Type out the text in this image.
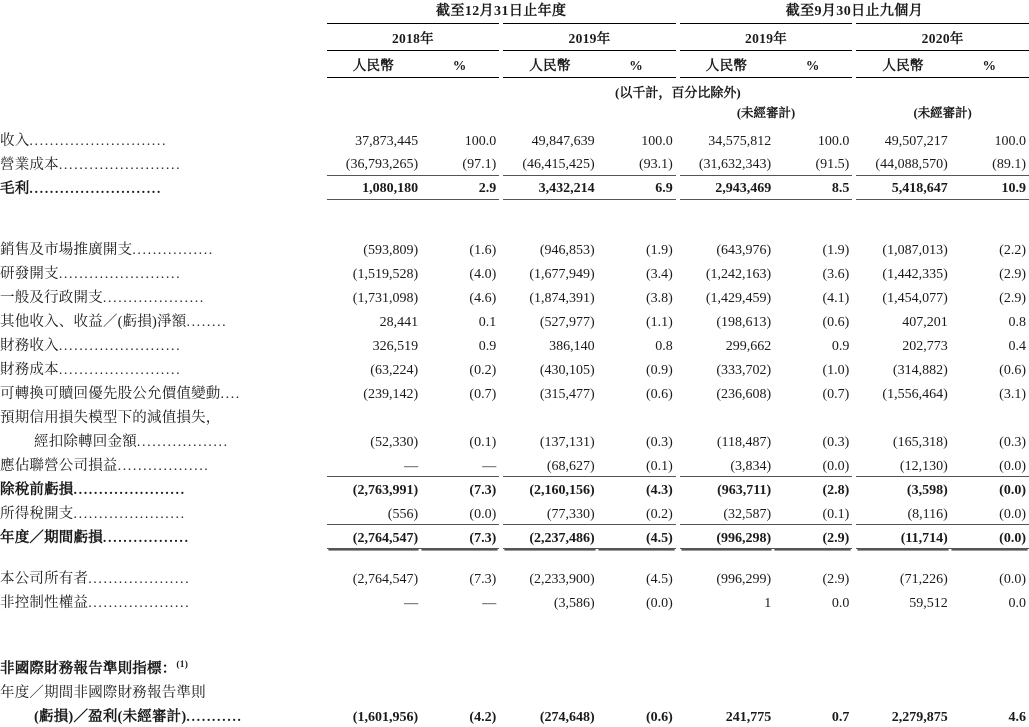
	截至12月31日止年度						截至9月30日止九個月				
	2018年			2019年			2019年			2020年	
	人民幣	%		人民幣	%		人民幣	%		人民幣	%
	(以千計，百分比除外)										
							(未經審計)			(未經審計)	
收入...........................	37,873,445	100.0		49,847,639	100.0		34,575,812	100.0		49,507,217	100.0

營業成本........................	(36,793,265)	(97.1)		(46,415,425)	(93.1)		(31,632,343)	(91.5)		(44,088,570)	(89.1)

毛利..........................	1,080,180	2.9		3,432,214	6.9		2,943,469	8.5		5,418,647	10.9

銷售及市場推廣開支................	(593,809)	(1.6)		(946,853)	(1.9)		(643,976)	(1.9)		(1,087,013)	(2.2)

研發開支........................	(1,519,528)	(4.0)		(1,677,949)	(3.4)		(1,242,163)	(3.6)		(1,442,335)	(2.9)

一般及行政開支....................	(1,731,098)	(4.6)		(1,874,391)	(3.8)		(1,429,459)	(4.1)		(1,454,077)	(2.9)

其他收入、收益／(虧損)淨額........	28,441	0.1		(527,977)	(1.1)		(198,613)	(0.6)		407,201	0.8

財務收入........................	326,519	0.9		386,140	0.8		299,662	0.9		202,773	0.4

財務成本........................	(63,224)	(0.2)		(430,105)	(0.9)		(333,702)	(1.0)		(314,882)	(0.6)

可轉換可贖回優先股公允價值變動....	(239,142)	(0.7)		(315,477)	(0.6)		(236,608)	(0.7)		(1,556,464)	(3.1)

預期信用損失模型下的減值損失，											

經扣除轉回金額..................	(52,330)	(0.1)		(137,131)	(0.3)		(118,487)	(0.3)		(165,318)	(0.3)

應佔聯營公司損益..................	—	—		(68,627)	(0.1)		(3,834)	(0.0)		(12,130)	(0.0)

除稅前虧損......................	(2,763,991)	(7.3)		(2,160,156)	(4.3)		(963,711)	(2.8)		(3,598)	(0.0)

所得稅開支......................	(556)	(0.0)		(77,330)	(0.2)		(32,587)	(0.1)		(8,116)	(0.0)

年度／期間虧損.................	(2,764,547)	(7.3)		(2,237,486)	(4.5)		(996,298)	(2.9)		(11,714)	(0.0)

本公司所有者....................	(2,764,547)	(7.3)		(2,233,900)	(4.5)		(996,299)	(2.9)		(71,226)	(0.0)

非控制性權益....................	—	—		(3,586)	(0.0)		1	0.0		59,512	0.0

非國際財務報告準則指標：$^{(1)}$

年度／期間非國際財務報告準則											

(虧損)／盈利(未經審計)...........	(1,601,956)	(4.2)		(274,648)	(0.6)		241,775	0.7		2,279,875	4.6
